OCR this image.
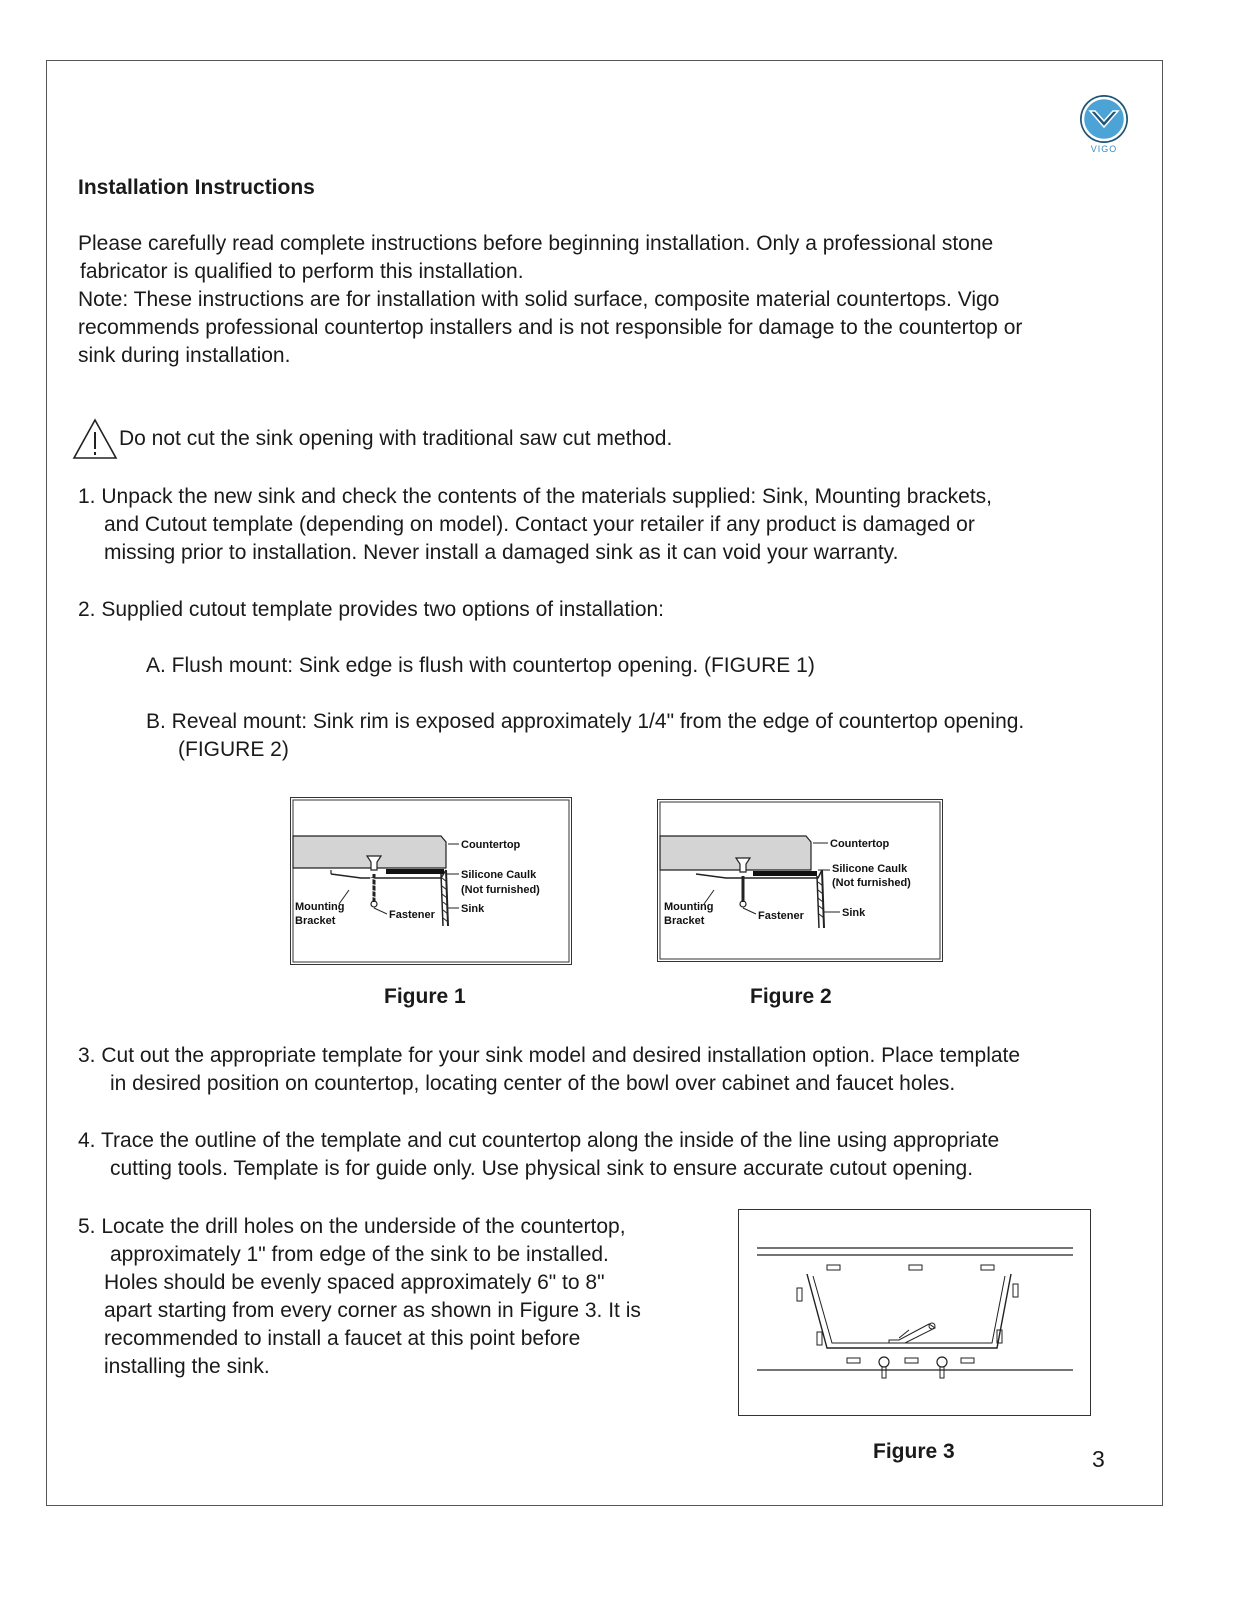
VIGO
Installation Instructions
Please carefully read complete instructions before beginning installation. Only a professional stone
fabricator is qualified to perform this installation.
Note: These instructions are for installation with solid surface, composite material countertops. Vigo
recommends professional countertop installers and is not responsible for damage to the countertop or
sink during installation.
Do not cut the sink opening with traditional saw cut method.
1. Unpack the new sink and check the contents of the materials supplied: Sink, Mounting brackets,
and Cutout template (depending on model). Contact your retailer if any product is damaged or
missing prior to installation. Never install a damaged sink as it can void your warranty.
2. Supplied cutout template provides two options of installation:
A. Flush mount: Sink edge is flush with countertop opening. (FIGURE 1)
B. Reveal mount: Sink rim is exposed approximately 1/4" from the edge of countertop opening.
(FIGURE 2)
Countertop
Silicone Caulk
(Not furnished)
Sink
Mounting
Bracket	Fastener
Countertop
Silicone Caulk
(Not furnished)
Sink
Mounting
Bracket	Fastener
Figure 1	Figure 2
3. Cut out the appropriate template for your sink model and desired installation option. Place template
in desired position on countertop, locating center of the bowl over cabinet and faucet holes.
4. Trace the outline of the template and cut countertop along the inside of the line using appropriate
cutting tools. Template is for guide only. Use physical sink to ensure accurate cutout opening.
5. Locate the drill holes on the underside of the countertop,
approximately 1" from edge of the sink to be installed.
Holes should be evenly spaced approximately 6" to 8"
apart starting from every corner as shown in Figure 3. It is
recommended to install a faucet at this point before
installing the sink.
Figure 3	3
